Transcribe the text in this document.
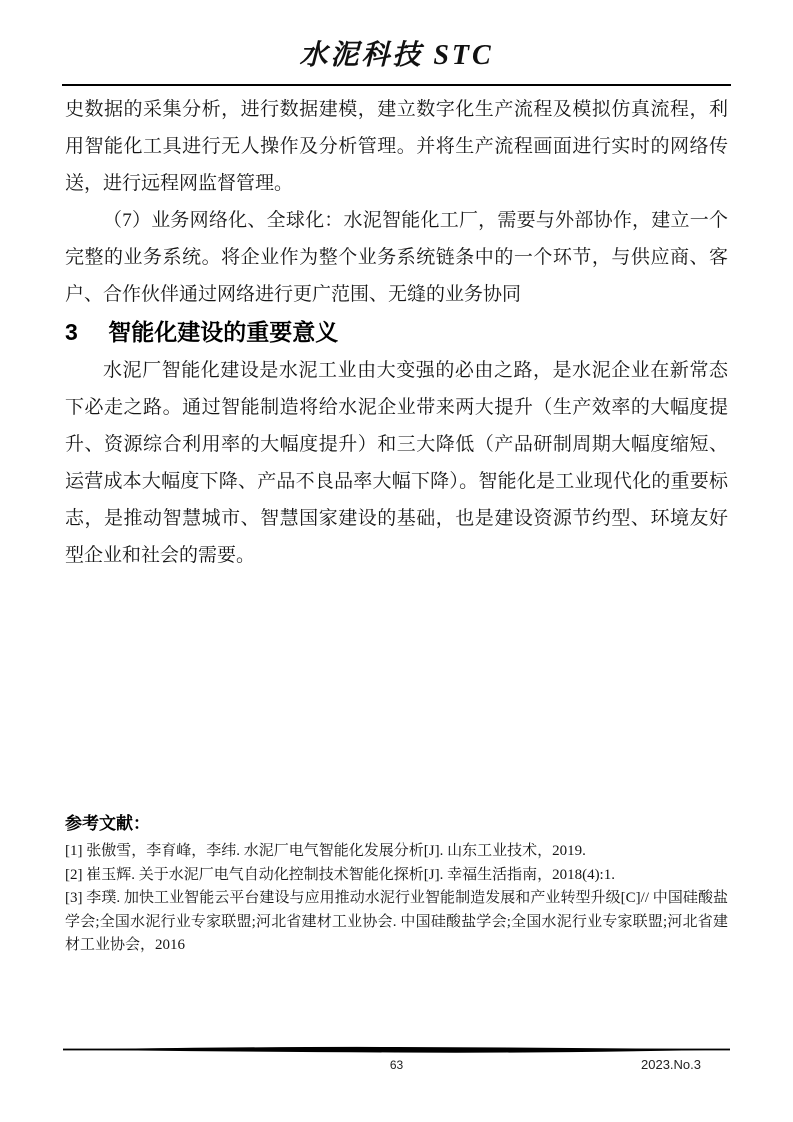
水泥科技 STC

史数据的采集分析，进行数据建模，建立数字化生产流程及模拟仿真流程，利用智能化工具进行无人操作及分析管理。并将生产流程画面进行实时的网络传送，进行远程网监督管理。

（7）业务网络化、全球化：水泥智能化工厂，需要与外部协作，建立一个完整的业务系统。将企业作为整个业务系统链条中的一个环节，与供应商、客户、合作伙伴通过网络进行更广范围、无缝的业务协同

3 智能化建设的重要意义

水泥厂智能化建设是水泥工业由大变强的必由之路，是水泥企业在新常态下必走之路。通过智能制造将给水泥企业带来两大提升（生产效率的大幅度提升、资源综合利用率的大幅度提升）和三大降低（产品研制周期大幅度缩短、运营成本大幅度下降、产品不良品率大幅下降）。智能化是工业现代化的重要标志，是推动智慧城市、智慧国家建设的基础，也是建设资源节约型、环境友好型企业和社会的需要。

参考文献：
[1] 张傲雪，李育峰，李纬. 水泥厂电气智能化发展分析[J]. 山东工业技术，2019.
[2] 崔玉辉. 关于水泥厂电气自动化控制技术智能化探析[J]. 幸福生活指南，2018(4):1.
[3] 李璞. 加快工业智能云平台建设与应用推动水泥行业智能制造发展和产业转型升级[C]// 中国硅酸盐学会;全国水泥行业专家联盟;河北省建材工业协会. 中国硅酸盐学会;全国水泥行业专家联盟;河北省建材工业协会，2016
63	2023.No.3
